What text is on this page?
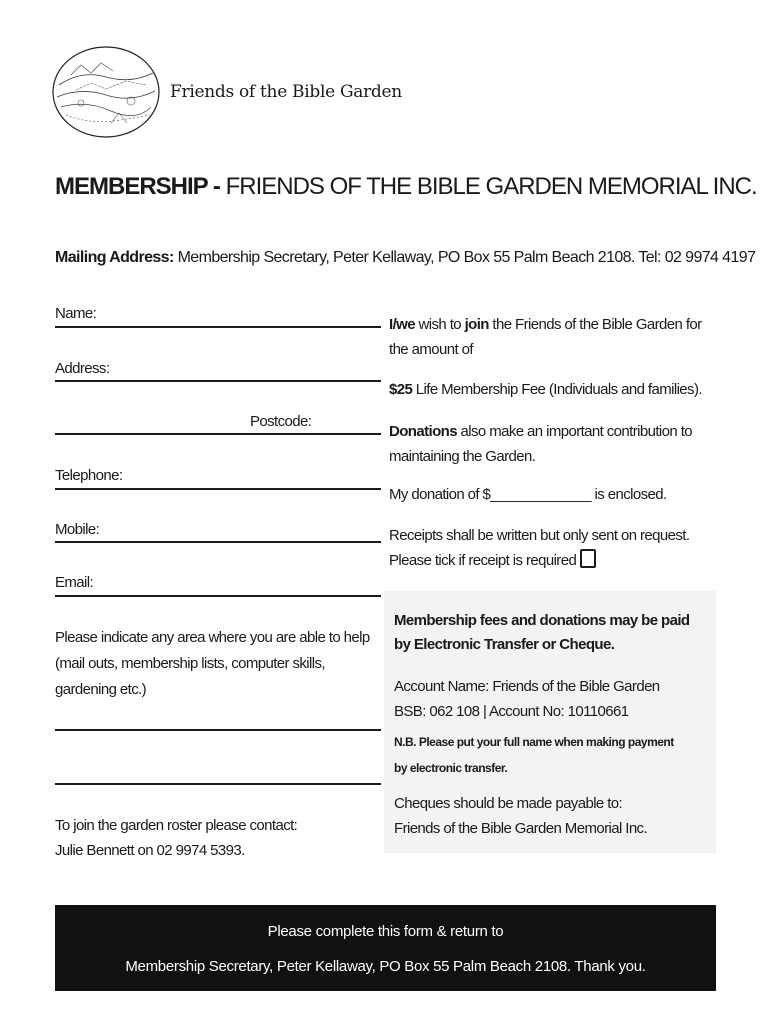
Friends of the Bible Garden
MEMBERSHIP - FRIENDS OF THE BIBLE GARDEN MEMORIAL INC.
Mailing Address: Membership Secretary, Peter Kellaway, PO Box 55 Palm Beach 2108. Tel: 02 9974 4197
Name:
Address:
Postcode:
Telephone:
Mobile:
Email:
Please indicate any area where you are able to help (mail outs, membership lists, computer skills, gardening etc.)
To join the garden roster please contact:
Julie Bennett on 02 9974 5393.
I/we wish to join the Friends of the Bible Garden for the amount of
$25 Life Membership Fee (Individuals and families).
Donations also make an important contribution to maintaining the Garden.
My donation of $_____________ is enclosed.
Receipts shall be written but only sent on request.
Please tick if receipt is required
Membership fees and donations may be paid by Electronic Transfer or Cheque.
Account Name: Friends of the Bible Garden
BSB: 062 108 | Account No: 10110661
N.B. Please put your full name when making payment by electronic transfer.
Cheques should be made payable to:
Friends of the Bible Garden Memorial Inc.
Please complete this form & return to
Membership Secretary, Peter Kellaway, PO Box 55 Palm Beach 2108. Thank you.
